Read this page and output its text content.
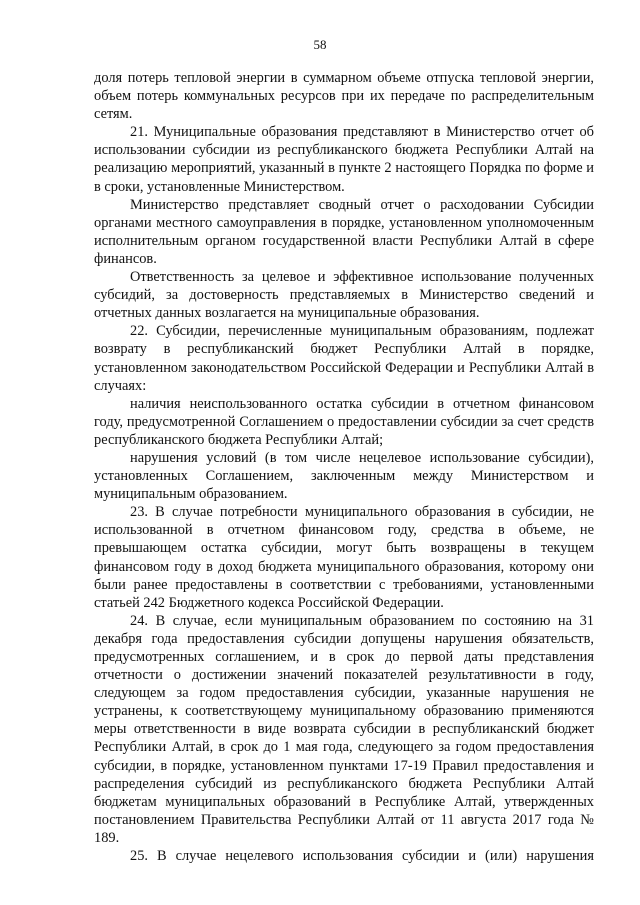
58

доля потерь тепловой энергии в суммарном объеме отпуска тепловой энергии, объем потерь коммунальных ресурсов при их передаче по распределительным сетям.

21. Муниципальные образования представляют в Министерство отчет об использовании субсидии из республиканского бюджета Республики Алтай на реализацию мероприятий, указанный в пункте 2 настоящего Порядка по форме и в сроки, установленные Министерством.

Министерство представляет сводный отчет о расходовании Субсидии органами местного самоуправления в порядке, установленном уполномоченным исполнительным органом государственной власти Республики Алтай в сфере финансов.

Ответственность за целевое и эффективное использование полученных субсидий, за достоверность представляемых в Министерство сведений и отчетных данных возлагается на муниципальные образования.

22. Субсидии, перечисленные муниципальным образованиям, подлежат возврату в республиканский бюджет Республики Алтай в порядке, установленном законодательством Российской Федерации и Республики Алтай в случаях:

наличия неиспользованного остатка субсидии в отчетном финансовом году, предусмотренной Соглашением о предоставлении субсидии за счет средств республиканского бюджета Республики Алтай;

нарушения условий (в том числе нецелевое использование субсидии), установленных Соглашением, заключенным между Министерством и муниципальным образованием.

23. В случае потребности муниципального образования в субсидии, не использованной в отчетном финансовом году, средства в объеме, не превышающем остатка субсидии, могут быть возвращены в текущем финансовом году в доход бюджета муниципального образования, которому они были ранее предоставлены в соответствии с требованиями, установленными статьей 242 Бюджетного кодекса Российской Федерации.

24. В случае, если муниципальным образованием по состоянию на 31 декабря года предоставления субсидии допущены нарушения обязательств, предусмотренных соглашением, и в срок до первой даты представления отчетности о достижении значений показателей результативности в году, следующем за годом предоставления субсидии, указанные нарушения не устранены, к соответствующему муниципальному образованию применяются меры ответственности в виде возврата субсидии в республиканский бюджет Республики Алтай, в срок до 1 мая года, следующего за годом предоставления субсидии, в порядке, установленном пунктами 17-19 Правил предоставления и распределения субсидий из республиканского бюджета Республики Алтай бюджетам муниципальных образований в Республике Алтай, утвержденных постановлением Правительства Республики Алтай от 11 августа 2017 года № 189.

25. В случае нецелевого использования субсидии и (или) нарушения
